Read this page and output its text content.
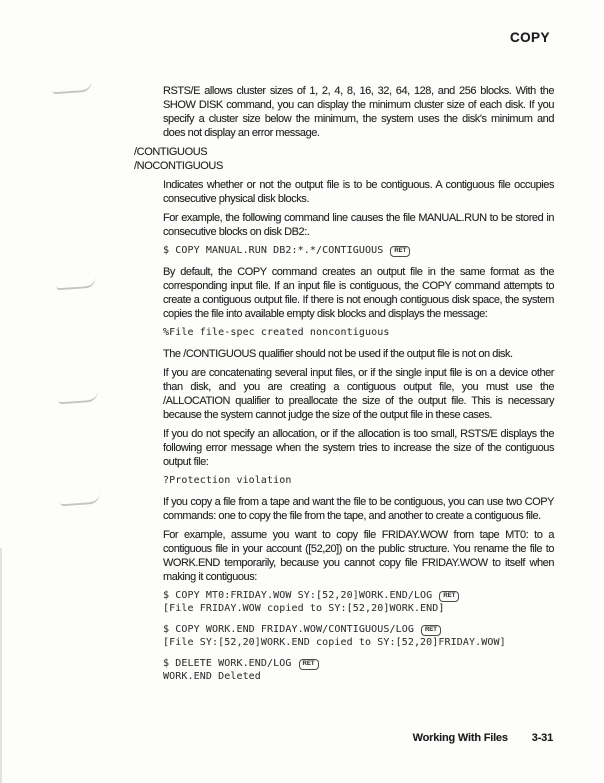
COPY

RSTS/E allows cluster sizes of 1, 2, 4, 8, 16, 32, 64, 128, and 256 blocks. With the SHOW DISK command, you can display the minimum cluster size of each disk. If you specify a cluster size below the minimum, the system uses the disk's minimum and does not display an error message.

/CONTIGUOUS
/NOCONTIGUOUS

Indicates whether or not the output file is to be contiguous. A contiguous file occupies consecutive physical disk blocks.

For example, the following command line causes the file MANUAL.RUN to be stored in consecutive blocks on disk DB2:.

$ COPY MANUAL.RUN DB2:*.*/CONTIGUOUS RET

By default, the COPY command creates an output file in the same format as the corresponding input file. If an input file is contiguous, the COPY command attempts to create a contiguous output file. If there is not enough contiguous disk space, the system copies the file into available empty disk blocks and displays the message:

%File file-spec created noncontiguous

The /CONTIGUOUS qualifier should not be used if the output file is not on disk.

If you are concatenating several input files, or if the single input file is on a device other than disk, and you are creating a contiguous output file, you must use the /ALLOCATION qualifier to preallocate the size of the output file. This is necessary because the system cannot judge the size of the output file in these cases.

If you do not specify an allocation, or if the allocation is too small, RSTS/E displays the following error message when the system tries to increase the size of the contiguous output file:

?Protection violation

If you copy a file from a tape and want the file to be contiguous, you can use two COPY commands: one to copy the file from the tape, and another to create a contiguous file.

For example, assume you want to copy file FRIDAY.WOW from tape MT0: to a contiguous file in your account ([52,20]) on the public structure. You rename the file to WORK.END temporarily, because you cannot copy file FRIDAY.WOW to itself when making it contiguous:

$ COPY MT0:FRIDAY.WOW SY:[52,20]WORK.END/LOG RET
[File FRIDAY.WOW copied to SY:[52,20]WORK.END]
$ COPY WORK.END FRIDAY.WOW/CONTIGUOUS/LOG RET
[File SY:[52,20]WORK.END copied to SY:[52,20]FRIDAY.WOW]
$ DELETE WORK.END/LOG RET
WORK.END Deleted
Working With Files 3-31
